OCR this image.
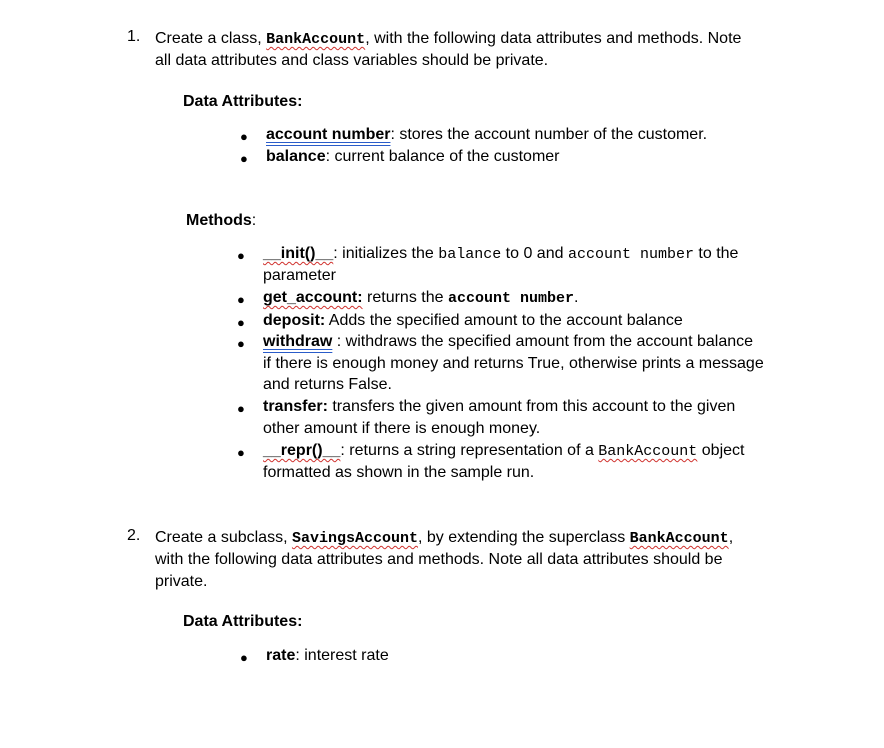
1. Create a class, BankAccount, with the following data attributes and methods. Note
all data attributes and class variables should be private.
Data Attributes:
● account number: stores the account number of the customer.
● balance: current balance of the customer
Methods:
● __init()__: initializes the balance to 0 and account number to the
parameter
● get_account: returns the account number.
● deposit: Adds the specified amount to the account balance
● withdraw : withdraws the specified amount from the account balance
if there is enough money and returns True, otherwise prints a message
and returns False.
● transfer: transfers the given amount from this account to the given
other amount if there is enough money.
● __repr()__: returns a string representation of a BankAccount object
formatted as shown in the sample run.
2. Create a subclass, SavingsAccount, by extending the superclass BankAccount,
with the following data attributes and methods. Note all data attributes should be
private.
Data Attributes:
● rate: interest rate
